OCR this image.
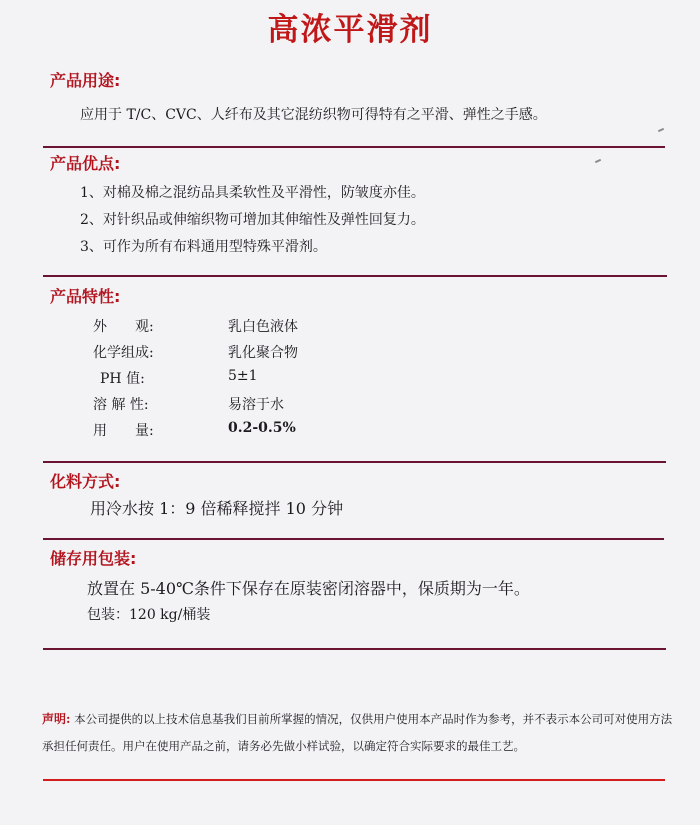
高浓平滑剂
产品用途:
应用于 T/C、CVC、人纤布及其它混纺织物可得特有之平滑、弹性之手感。
产品优点:
1、对棉及棉之混纺品具柔软性及平滑性，防皱度亦佳。
2、对针织品或伸缩织物可增加其伸缩性及弹性回复力。
3、可作为所有布料通用型特殊平滑剂。
产品特性:
外　　观:	乳白色液体
化学组成:	乳化聚合物
PH 值:	5±1
溶 解 性:	易溶于水
用　　量:	0.2-0.5%
化料方式:
用冷水按 1：9 倍稀释搅拌 10 分钟
储存用包装:
放置在 5-40℃条件下保存在原装密闭溶器中，保质期为一年。
包装：120 kg/桶装
声明: 本公司提供的以上技术信息基我们目前所掌握的情况，仅供用户使用本产品时作为参考，并不表示本公司可对使用方法承担任何责任。用户在使用产品之前，请务必先做小样试验，以确定符合实际要求的最佳工艺。
